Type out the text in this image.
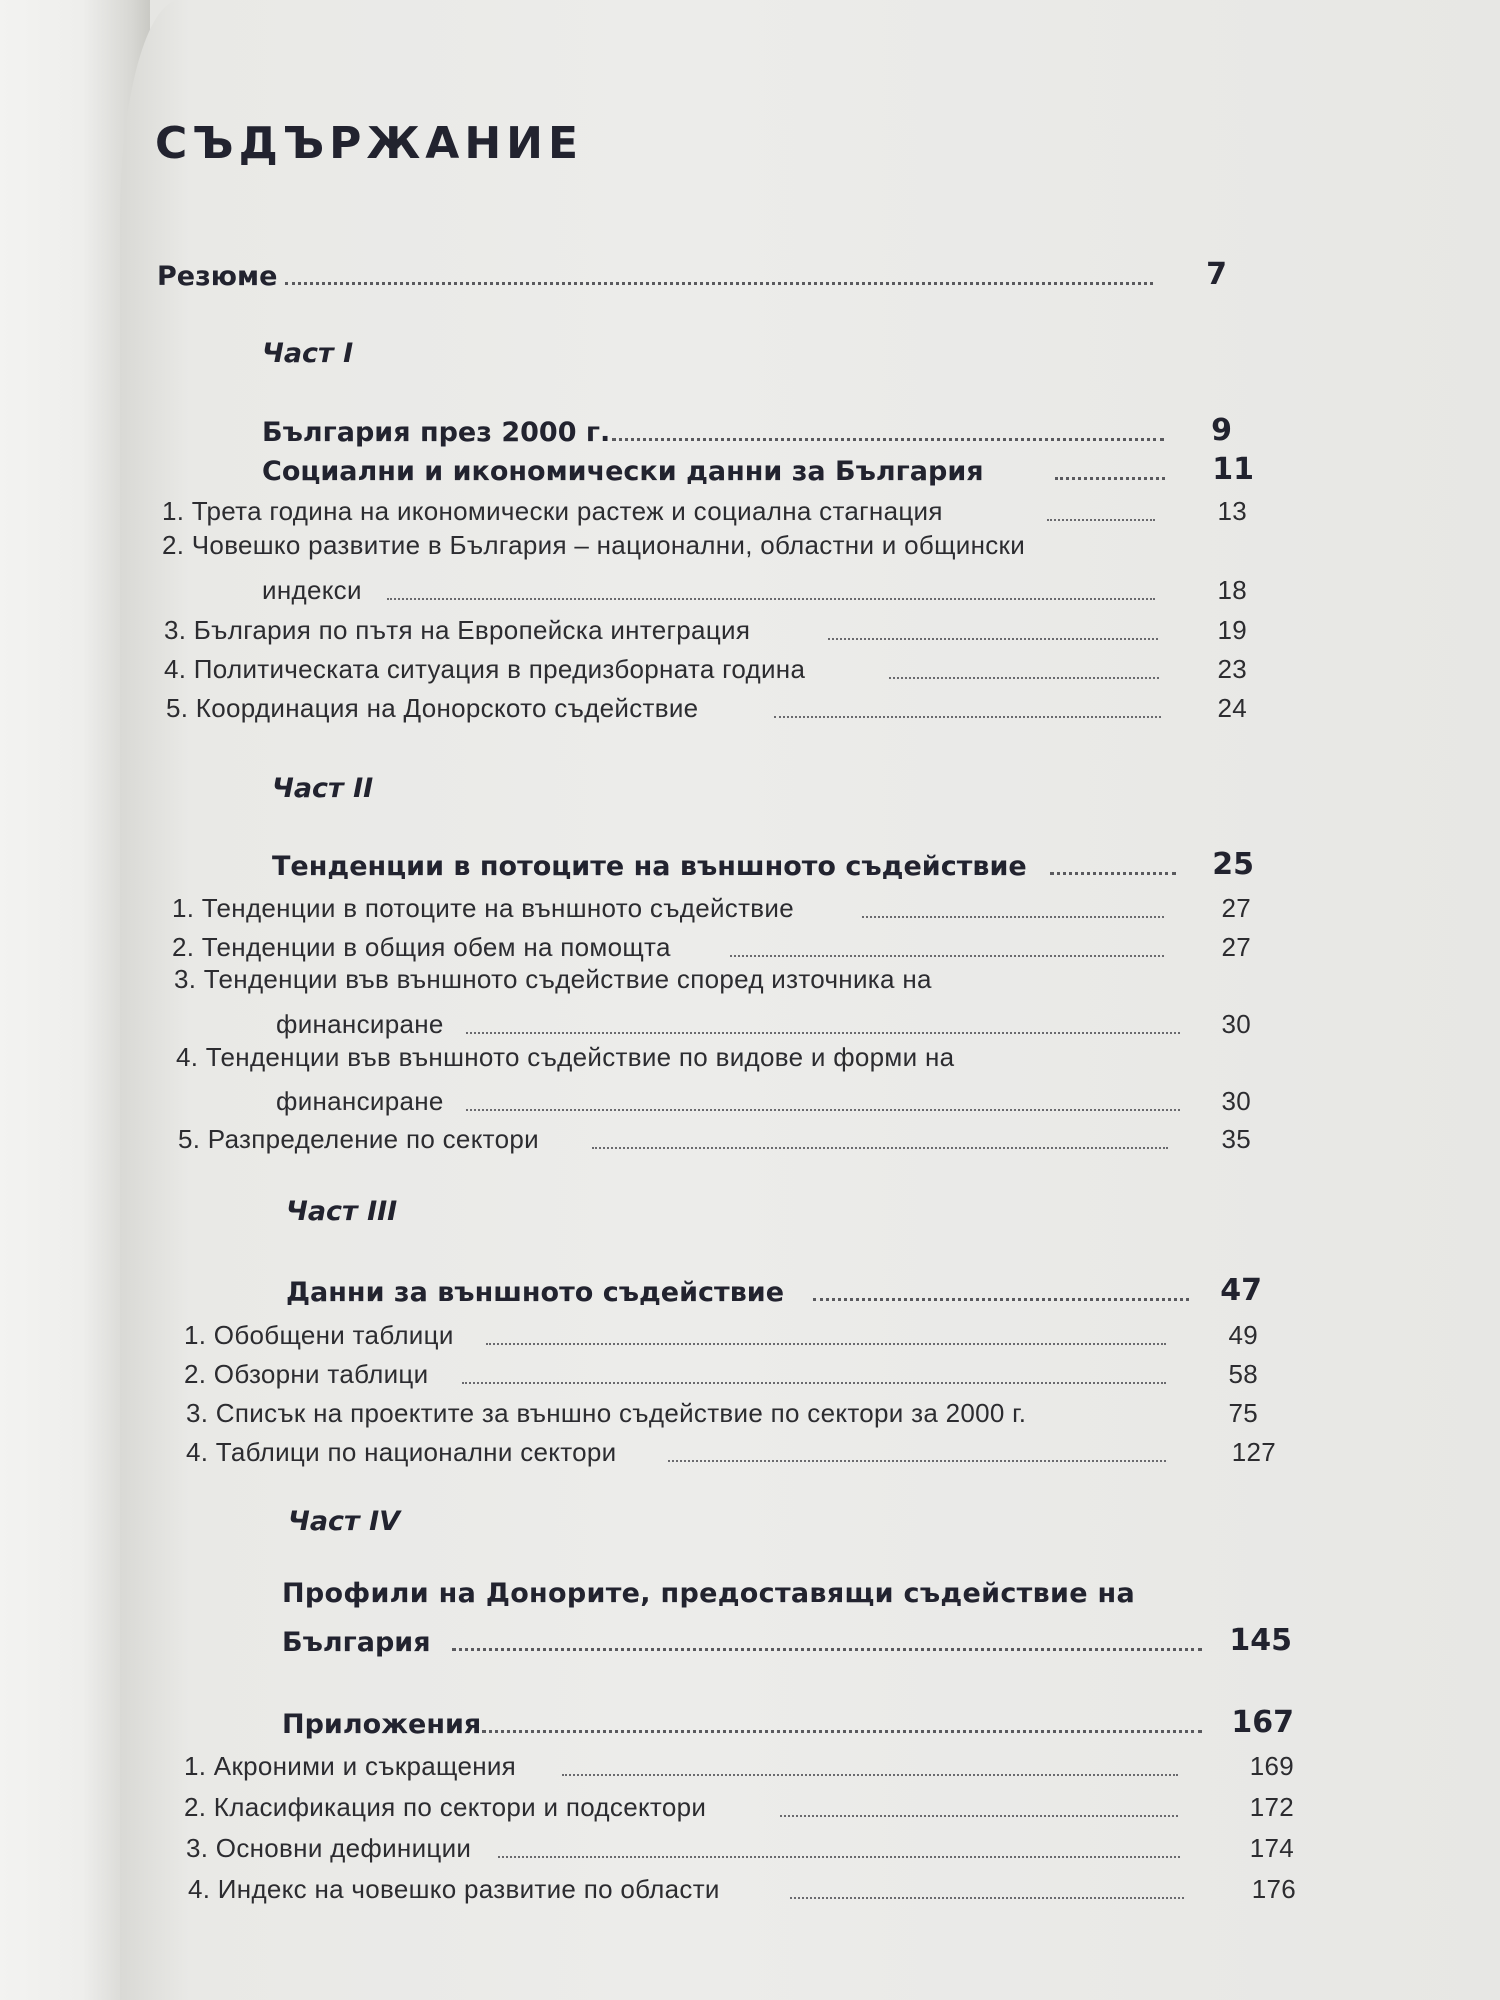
СЪДЪРЖАНИЕ
Резюме	7
Част I
България през 2000 г.	9
Социални и икономически данни за България	11
1. Трета година на икономически растеж и социална стагнация	13
2. Човешко развитие в България – национални, областни и общински
индекси	18
3. България по пътя на Европейска интеграция	19
4. Политическата ситуация в предизборната година	23
5. Координация на Донорското съдействие	24
Част II
Тенденции в потоците на външното съдействие	25
1. Тенденции в потоците на външното съдействие	27
2. Тенденции в общия обем на помощта	27
3. Тенденции във външното съдействие според източника на
финансиране	30
4. Тенденции във външното съдействие по видове и форми на
финансиране	30
5. Разпределение по сектори	35
Част III
Данни за външното съдействие	47
1. Обобщени таблици	49
2. Обзорни таблици	58
3. Списък на проектите за външно съдействие по сектори за 2000 г.	75
4. Таблици по национални сектори	127
Част IV
Профили на Донорите, предоставящи съдействие на
България	145
Приложения	167
1. Акроними и съкращения	169
2. Класификация по сектори и подсектори	172
3. Основни дефиниции	174
4. Индекс на човешко развитие по области	176
